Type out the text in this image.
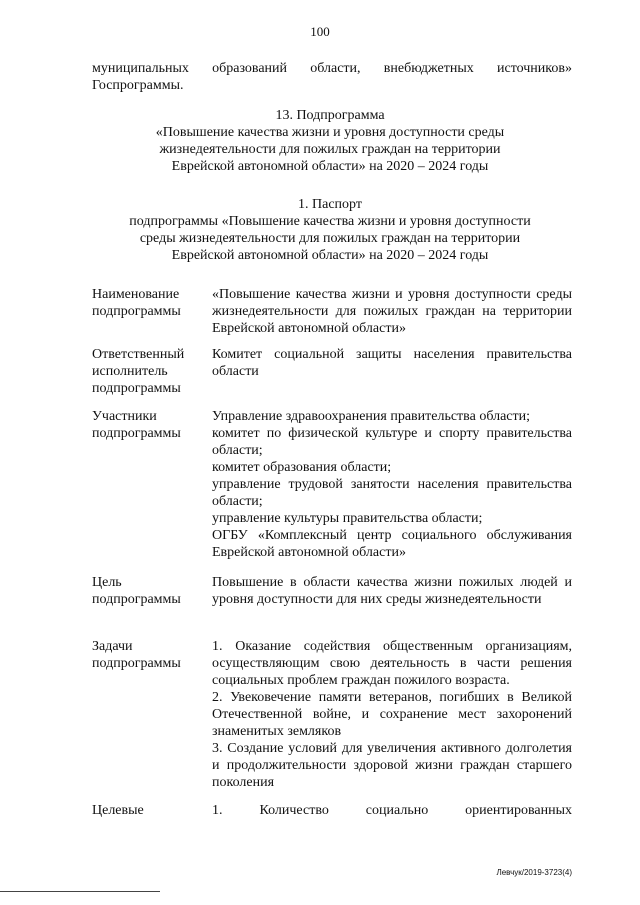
100
муниципальных образований области, внебюджетных источников»
Госпрограммы.
13. Подпрограмма
«Повышение качества жизни и уровня доступности среды
жизнедеятельности для пожилых граждан на территории
Еврейской автономной области» на 2020 – 2024 годы
1. Паспорт
подпрограммы «Повышение качества жизни и уровня доступности
среды жизнедеятельности для пожилых граждан на территории
Еврейской автономной области» на 2020 – 2024 годы
Наименование
подпрограммы
«Повышение качества жизни и уровня доступности среды жизнедеятельности для пожилых граждан на территории Еврейской автономной области»
Ответственный
исполнитель
подпрограммы
Комитет социальной защиты населения правительства области
Участники
подпрограммы
Управление здравоохранения правительства области;
комитет по физической культуре и спорту правительства области;
комитет образования области;
управление трудовой занятости населения правительства области;
управление культуры правительства области;
ОГБУ «Комплексный центр социального обслуживания Еврейской автономной области»
Цель
подпрограммы
Повышение в области качества жизни пожилых людей и уровня доступности для них среды жизнедеятельности
Задачи
подпрограммы
1. Оказание содействия общественным организациям, осуществляющим свою деятельность в части решения социальных проблем граждан пожилого возраста.
2. Увековечение памяти ветеранов, погибших в Великой Отечественной войне, и сохранение мест захоронений знаменитых земляков
3. Создание условий для увеличения активного долголетия и продолжительности здоровой жизни граждан старшего поколения
Целевые	1. Количество социально ориентированных
Левчук/2019-3723(4)
